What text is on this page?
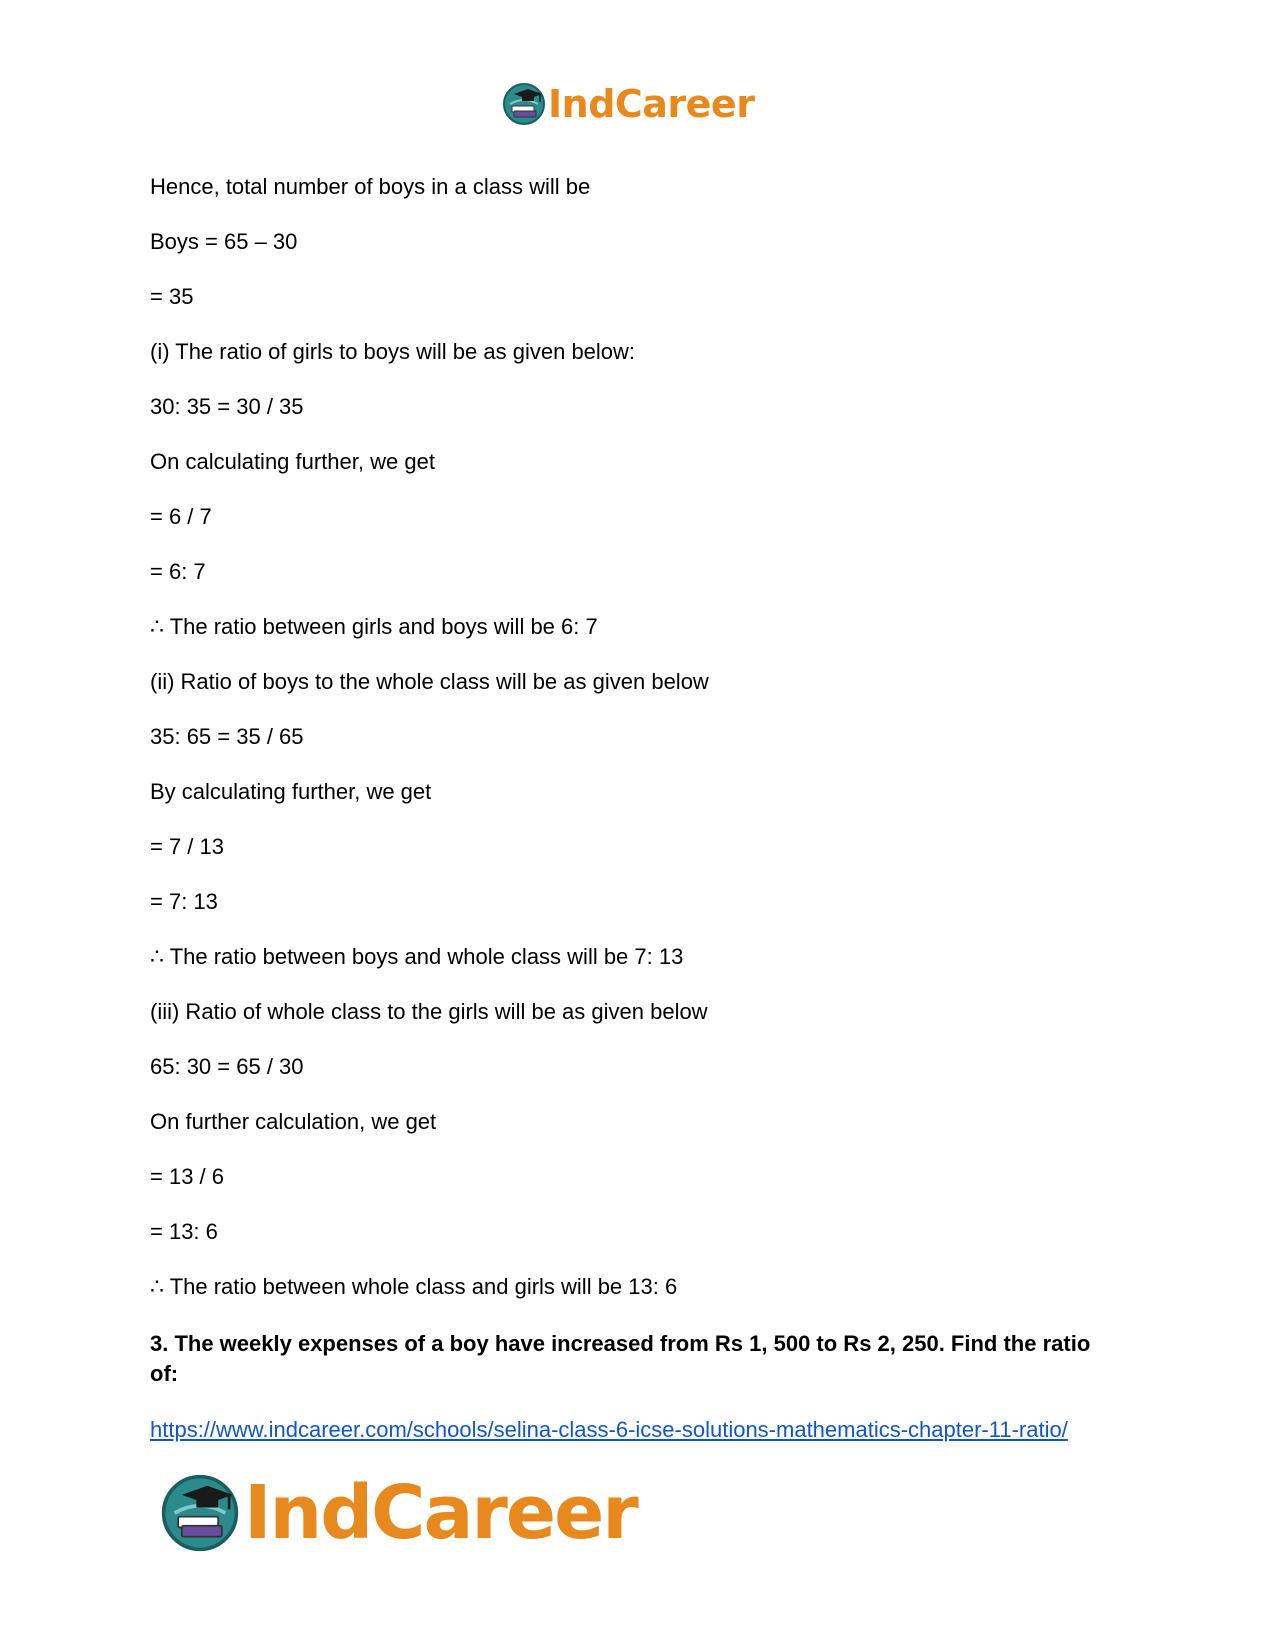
IndCareer
Hence, total number of boys in a class will be
Boys = 65 – 30
= 35
(i) The ratio of girls to boys will be as given below:
30: 35 = 30 / 35
On calculating further, we get
= 6 / 7
= 6: 7
∴ The ratio between girls and boys will be 6: 7
(ii) Ratio of boys to the whole class will be as given below
35: 65 = 35 / 65
By calculating further, we get
= 7 / 13
= 7: 13
∴ The ratio between boys and whole class will be 7: 13
(iii) Ratio of whole class to the girls will be as given below
65: 30 = 65 / 30
On further calculation, we get
= 13 / 6
= 13: 6
∴ The ratio between whole class and girls will be 13: 6
3. The weekly expenses of a boy have increased from Rs 1, 500 to Rs 2, 250. Find the ratio of:
https://www.indcareer.com/schools/selina-class-6-icse-solutions-mathematics-chapter-11-ratio/
IndCareer
